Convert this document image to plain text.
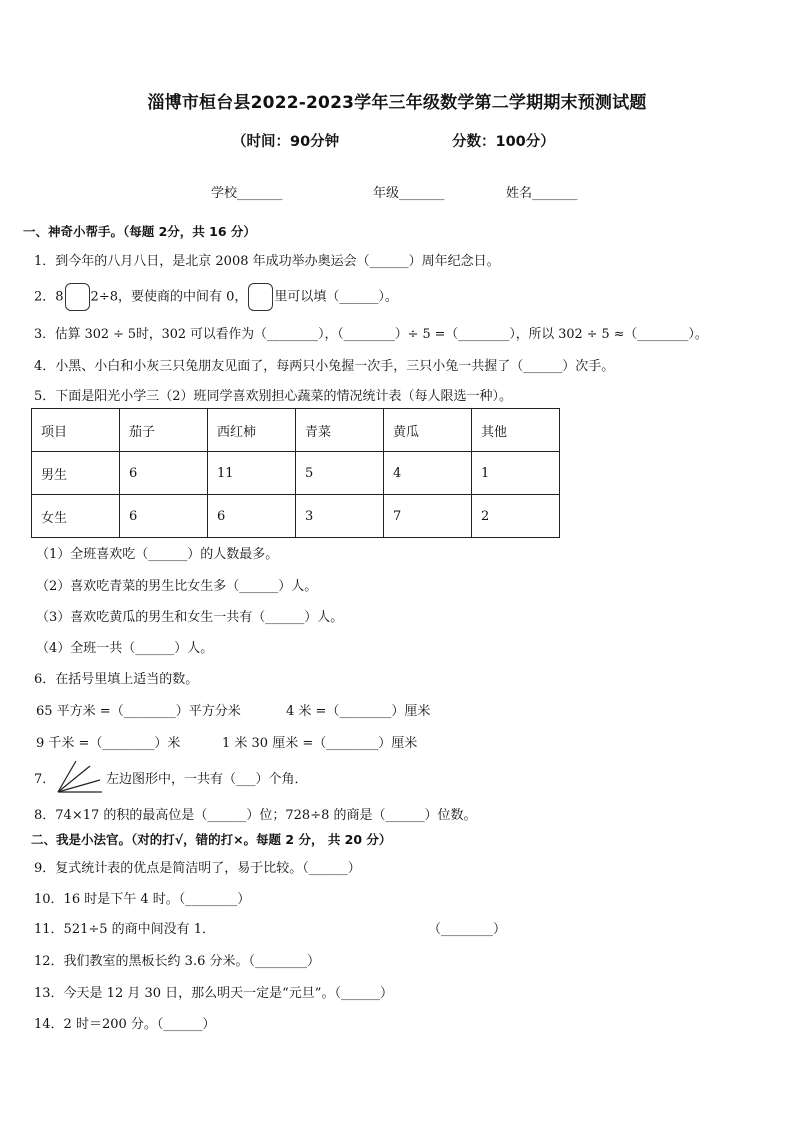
淄博市桓台县2022-2023学年三年级数学第二学期期末预测试题
（时间：90分钟	分数：100分）
学校_______	年级_______	姓名_______
一、神奇小帮手。（每题 2分，共 16 分）
1．到今年的八月八日，是北京 2008 年成功举办奥运会（______）周年纪念日。
2．8 2÷8，要使商的中间有 0， 里可以填（______）。
3．估算 302 ÷ 5时，302 可以看作为（________），（________）÷ 5 =（________），所以 302 ÷ 5 ≈（________）。
4．小黑、小白和小灰三只兔朋友见面了，每两只小兔握一次手，三只小兔一共握了（______）次手。
5．下面是阳光小学三（2）班同学喜欢别担心蔬菜的情况统计表（每人限选一种）。
项目	茄子	西红柿	青菜	黄瓜	其他
男生	6	11	5	4	1
女生	6	6	3	7	2
（1）全班喜欢吃（______）的人数最多。
（2）喜欢吃青菜的男生比女生多（______）人。
（3）喜欢吃黄瓜的男生和女生一共有（______）人。
（4）全班一共（______）人。
6．在括号里填上适当的数。
65 平方米 =（________）平方分米	4 米 =（________）厘米
9 千米 =（________）米	1 米 30 厘米 =（________）厘米
7．	左边图形中，一共有（___）个角．
8．74×17 的积的最高位是（______）位；728÷8 的商是（______）位数。
二、我是小法官。（对的打√，错的打×。每题 2 分， 共 20 分）
9．复式统计表的优点是简洁明了，易于比较。（______）
10．16 时是下午 4 时。（________）
11．521÷5 的商中间没有 1．	（________）
12．我们教室的黑板长约 3.6 分米。（________）
13．今天是 12 月 30 日，那么明天一定是“元旦”。（______）
14．2 时＝200 分。（______）
